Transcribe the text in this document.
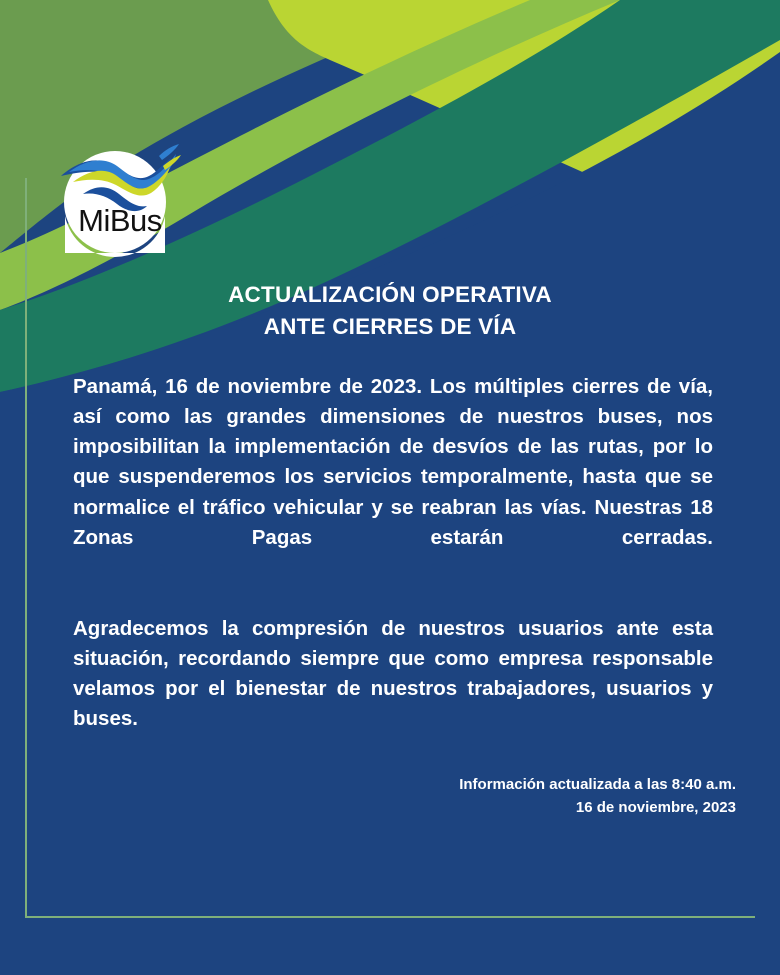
MiBus
ACTUALIZACIÓN OPERATIVA
ANTE CIERRES DE VÍA

Panamá, 16 de noviembre de 2023. Los múltiples cierres de vía, así como las grandes dimensiones de nuestros buses, nos imposibilitan la implementación de desvíos de las rutas, por lo que suspenderemos los servicios temporalmente, hasta que se normalice el tráfico vehicular y se reabran las vías. Nuestras 18 Zonas Pagas estarán cerradas.

Agradecemos la compresión de nuestros usuarios ante esta situación, recordando siempre que como empresa responsable velamos por el bienestar de nuestros trabajadores, usuarios y buses.

Información actualizada a las 8:40 a.m.
16 de noviembre, 2023
